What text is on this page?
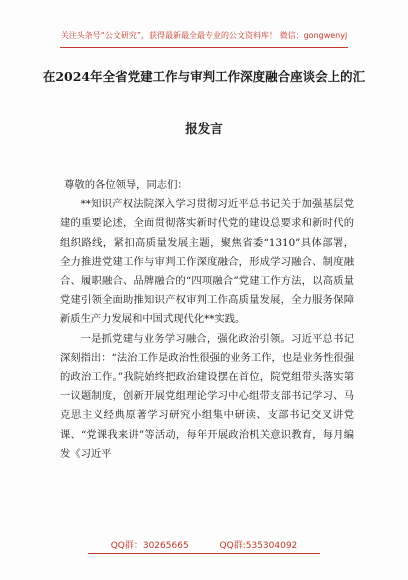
关注头条号“公文研究”，获得最新最全最专业的公文资料库！ 微信：gongwenyj
在2024年全省党建工作与审判工作深度融合座谈会上的汇
报发言

尊敬的各位领导，同志们：

**知识产权法院深入学习贯彻习近平总书记关于加强基层党建的重要论述，全面贯彻落实新时代党的建设总要求和新时代的组织路线，紧扣高质量发展主题，聚焦省委“1310”具体部署，全力推进党建工作与审判工作深度融合，形成学习融合、制度融合、履职融合、品牌融合的“四项融合”党建工作方法，以高质量党建引领全面助推知识产权审判工作高质量发展，全力服务保障新质生产力发展和中国式现代化**实践。

一是抓党建与业务学习融合，强化政治引领。习近平总书记深刻指出：“法治工作是政治性很强的业务工作，也是业务性很强的政治工作。”我院始终把政治建设摆在首位，院党组带头落实第一议题制度，创新开展党组理论学习中心组带支部书记学习、马克思主义经典原著学习研究小组集中研读、支部书记交叉讲党课、“党课我来讲”等活动，每年开展政治机关意识教育，每月编发《习近平

QQ群：30265665	QQ群:535304092
